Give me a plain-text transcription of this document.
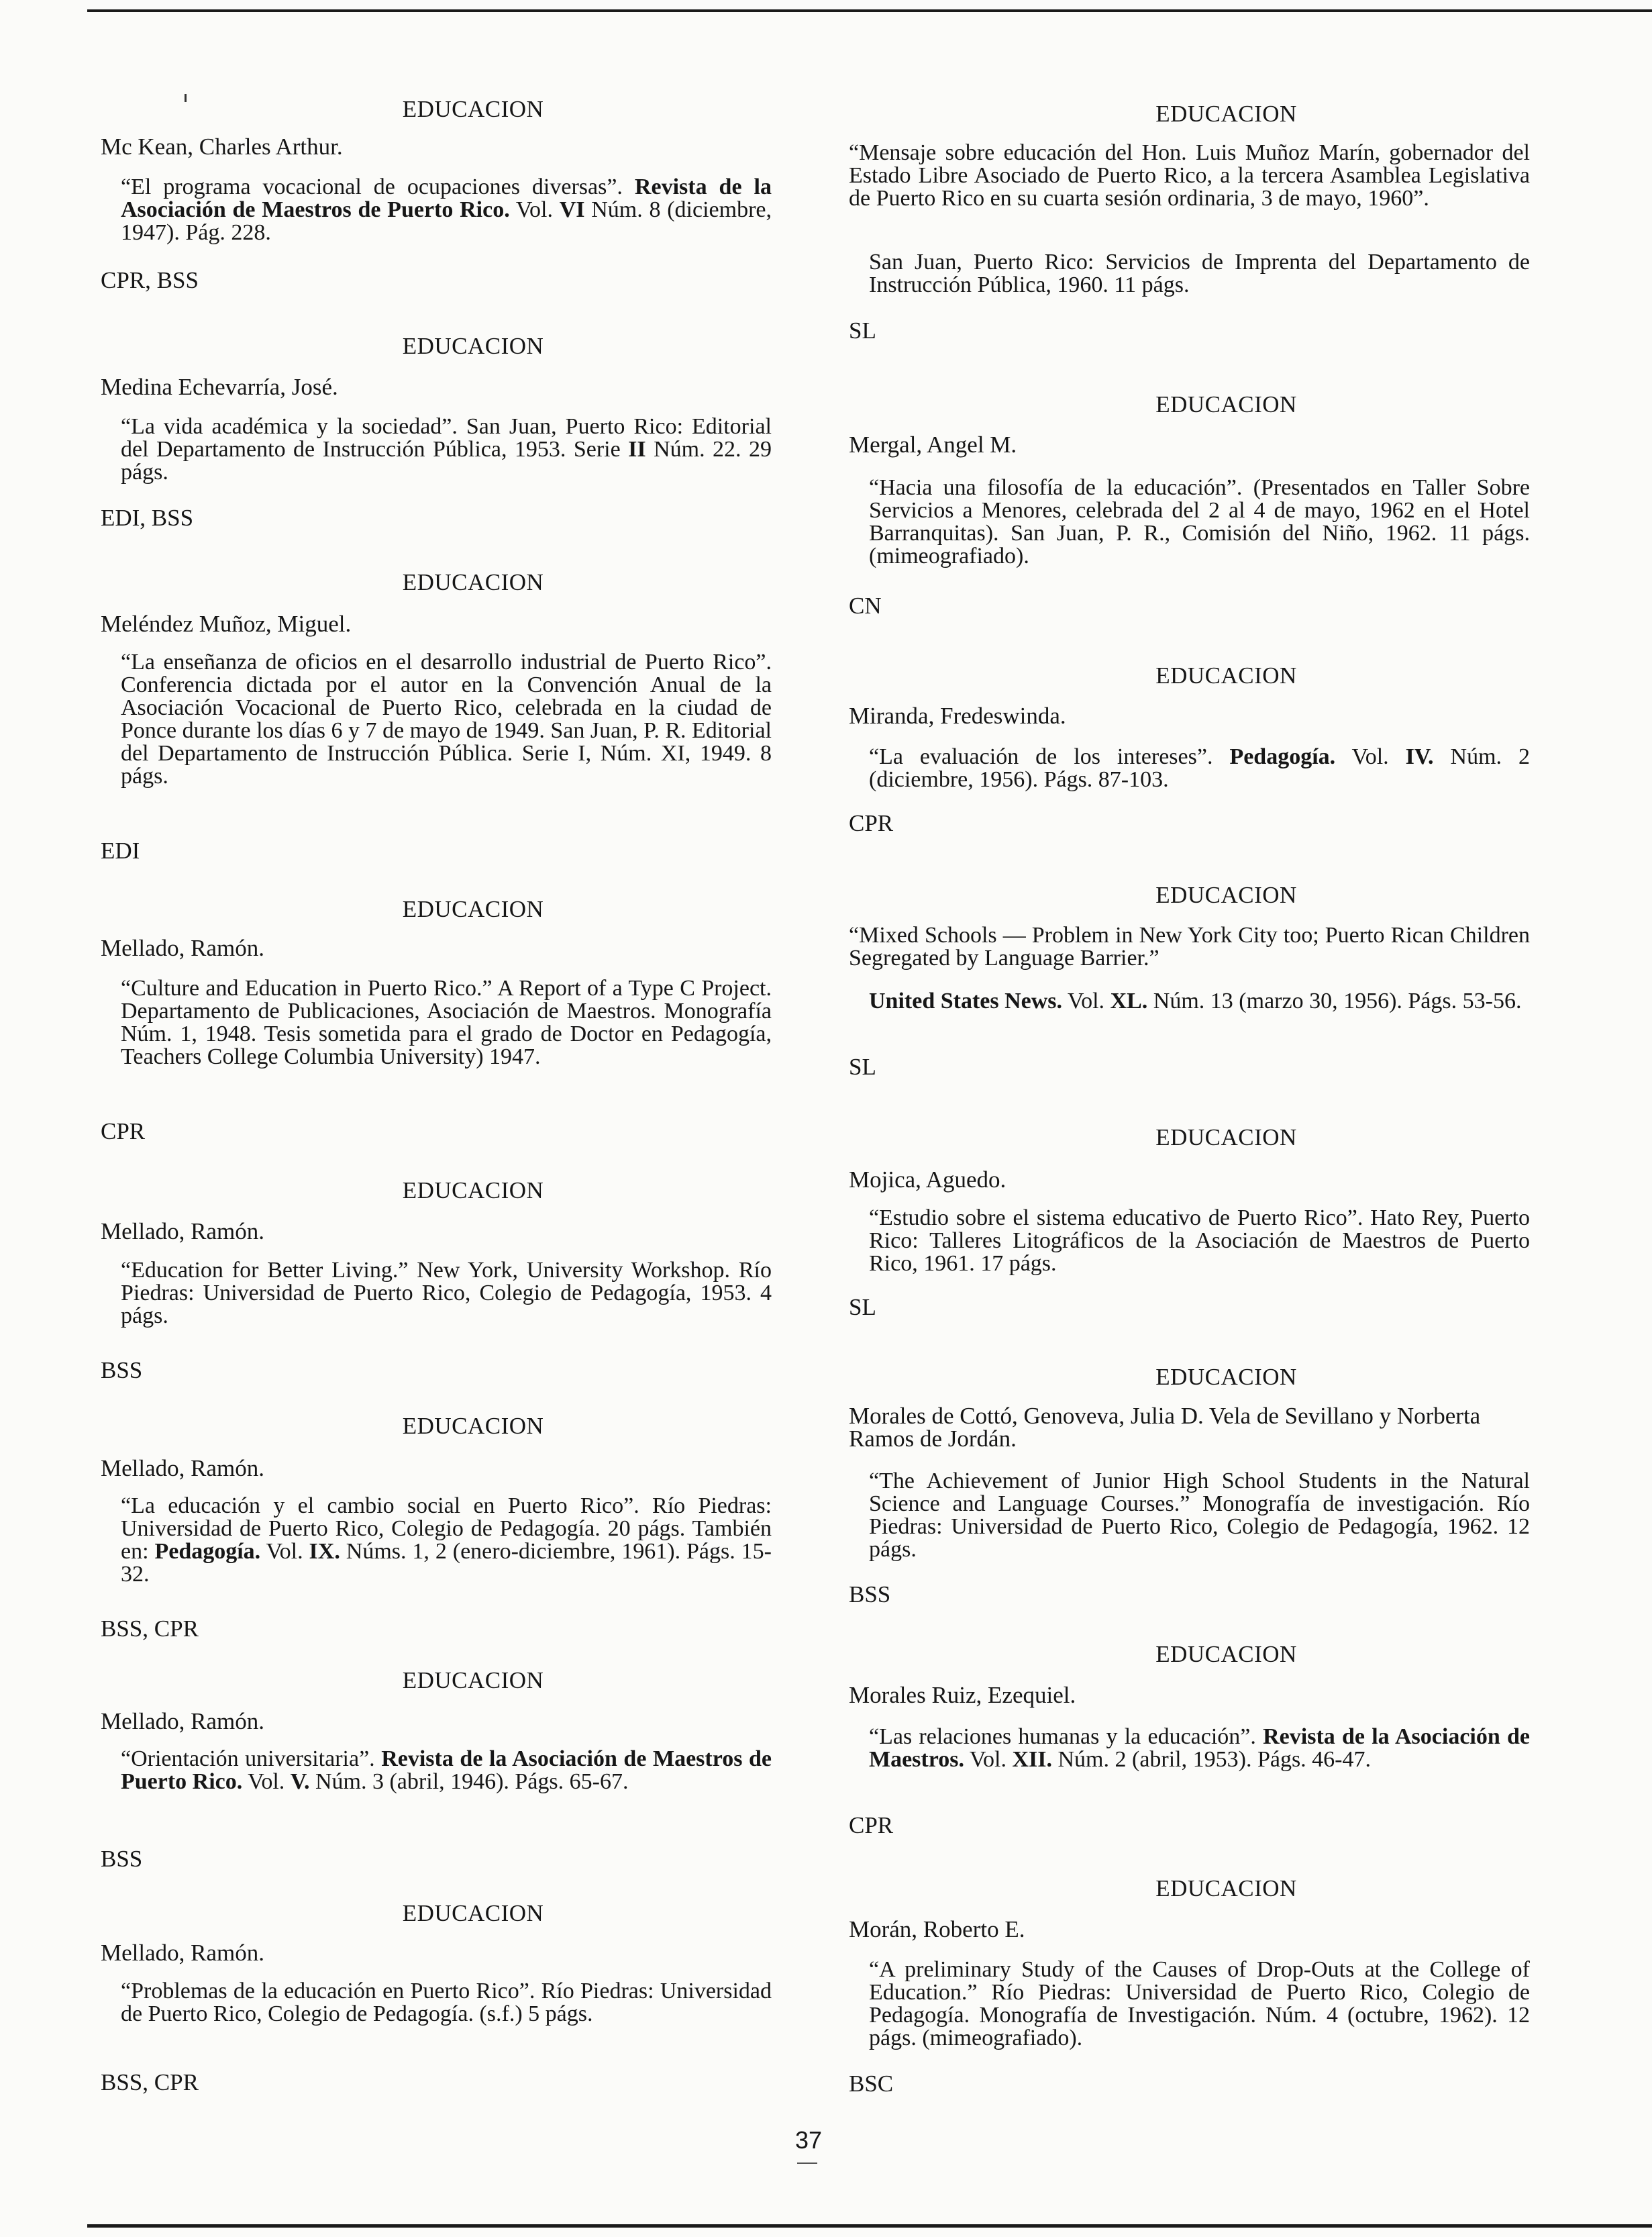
EDUCACION
Mc Kean, Charles Arthur.
“El programa vocacional de ocupaciones diversas”. Revista de la Asociación de Maestros de Puerto Rico. Vol. VI Núm. 8 (diciembre, 1947). Pág. 228.
CPR, BSS
EDUCACION
Medina Echevarría, José.
“La vida académica y la sociedad”. San Juan, Puerto Rico: Editorial del Departamento de Instrucción Pública, 1953. Serie II Núm. 22. 29 págs.
EDI, BSS
EDUCACION
Meléndez Muñoz, Miguel.
“La enseñanza de oficios en el desarrollo industrial de Puerto Rico”. Conferencia dictada por el autor en la Convención Anual de la Asociación Vocacional de Puerto Rico, celebrada en la ciudad de Ponce durante los días 6 y 7 de mayo de 1949. San Juan, P. R. Editorial del Departamento de Instrucción Pública. Serie I, Núm. XI, 1949. 8 págs.
EDI
EDUCACION
Mellado, Ramón.
“Culture and Education in Puerto Rico.” A Report of a Type C Project. Departamento de Publicaciones, Asociación de Maestros. Monografía Núm. 1, 1948. Tesis sometida para el grado de Doctor en Pedagogía, Teachers College Columbia University) 1947.
CPR
EDUCACION
Mellado, Ramón.
“Education for Better Living.” New York, University Workshop. Río Piedras: Universidad de Puerto Rico, Colegio de Pedagogía, 1953. 4 págs.
BSS
EDUCACION
Mellado, Ramón.
“La educación y el cambio social en Puerto Rico”. Río Piedras: Universidad de Puerto Rico, Colegio de Pedagogía. 20 págs. También en: Pedagogía. Vol. IX. Núms. 1, 2 (enero-diciembre, 1961). Págs. 15-32.
BSS, CPR
EDUCACION
Mellado, Ramón.
“Orientación universitaria”. Revista de la Asociación de Maestros de Puerto Rico. Vol. V. Núm. 3 (abril, 1946). Págs. 65-67.
BSS
EDUCACION
Mellado, Ramón.
“Problemas de la educación en Puerto Rico”. Río Piedras: Universidad de Puerto Rico, Colegio de Pedagogía. (s.f.) 5 págs.
BSS, CPR
EDUCACION
“Mensaje sobre educación del Hon. Luis Muñoz Marín, gobernador del Estado Libre Asociado de Puerto Rico, a la tercera Asamblea Legislativa de Puerto Rico en su cuarta sesión ordinaria, 3 de mayo, 1960”.
San Juan, Puerto Rico: Servicios de Imprenta del Departamento de Instrucción Pública, 1960. 11 págs.
SL
EDUCACION
Mergal, Angel M.
“Hacia una filosofía de la educación”. (Presentados en Taller Sobre Servicios a Menores, celebrada del 2 al 4 de mayo, 1962 en el Hotel Barranquitas). San Juan, P. R., Comisión del Niño, 1962. 11 págs. (mimeografiado).
CN
EDUCACION
Miranda, Fredeswinda.
“La evaluación de los intereses”. Pedagogía. Vol. IV. Núm. 2 (diciembre, 1956). Págs. 87-103.
CPR
EDUCACION
“Mixed Schools — Problem in New York City too; Puerto Rican Children Segregated by Language Barrier.”
United States News. Vol. XL. Núm. 13 (marzo 30, 1956). Págs. 53-56.
SL
EDUCACION
Mojica, Aguedo.
“Estudio sobre el sistema educativo de Puerto Rico”. Hato Rey, Puerto Rico: Talleres Litográficos de la Asociación de Maestros de Puerto Rico, 1961. 17 págs.
SL
EDUCACION
Morales de Cottó, Genoveva, Julia D. Vela de Sevillano y Norberta Ramos de Jordán.
“The Achievement of Junior High School Students in the Natural Science and Language Courses.” Monografía de investigación. Río Piedras: Universidad de Puerto Rico, Colegio de Pedagogía, 1962. 12 págs.
BSS
EDUCACION
Morales Ruiz, Ezequiel.
“Las relaciones humanas y la educación”. Revista de la Asociación de Maestros. Vol. XII. Núm. 2 (abril, 1953). Págs. 46-47.
CPR
EDUCACION
Morán, Roberto E.
“A preliminary Study of the Causes of Drop-Outs at the College of Education.” Río Piedras: Universidad de Puerto Rico, Colegio de Pedagogía. Monografía de Investigación. Núm. 4 (octubre, 1962). 12 págs. (mimeografiado).
BSC
37
